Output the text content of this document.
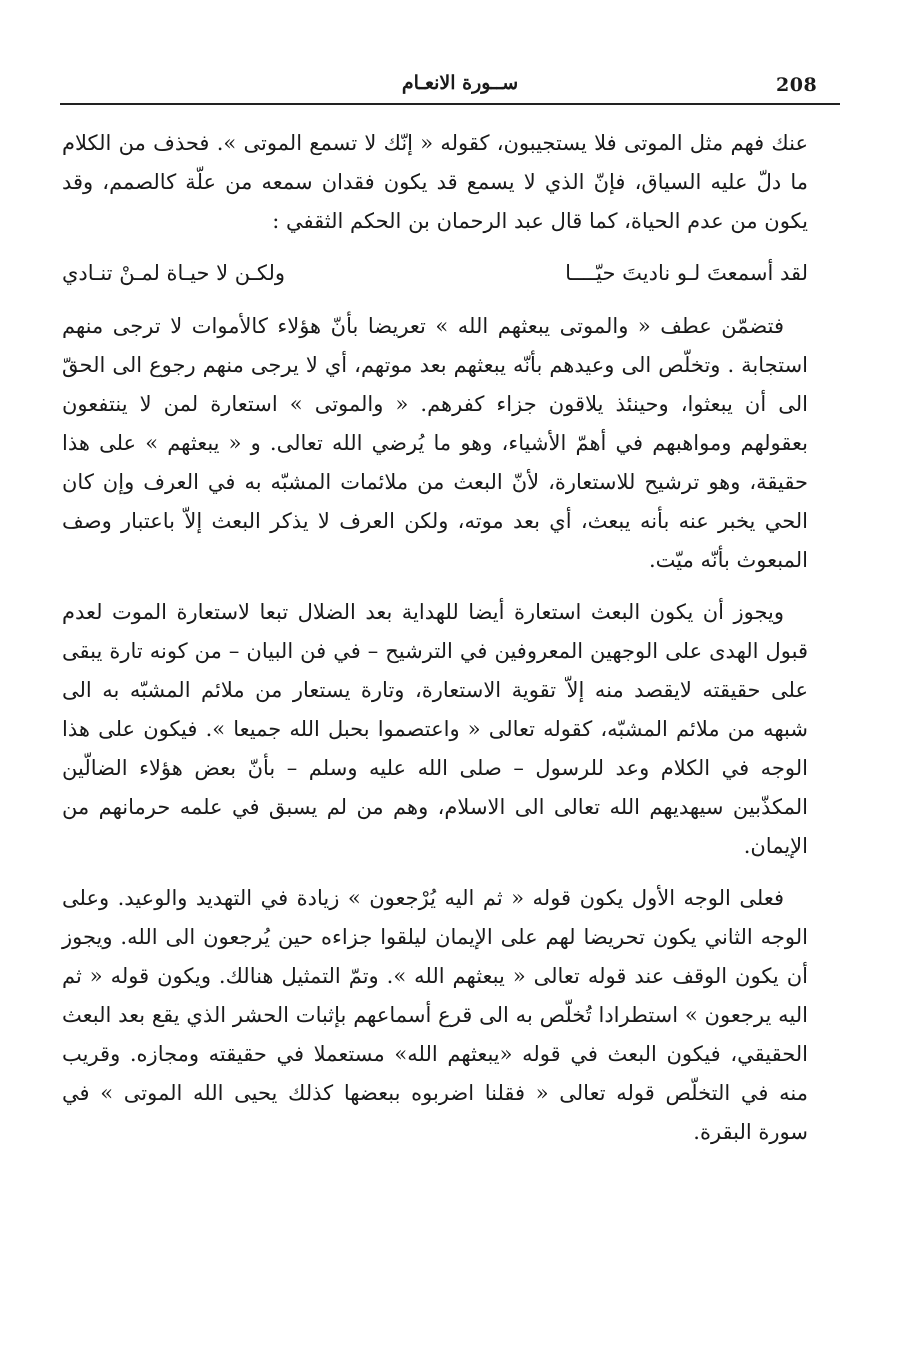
208
ســورة الانعـام

عنك فهم مثل الموتى فلا يستجيبون، كقوله « إنّك لا تسمع الموتى ». فحذف من الكلام ما دلّ عليه السياق، فإنّ الذي لا يسمع قد يكون فقدان سمعه من علّة كالصمم، وقد يكون من عدم الحياة، كما قال عبد الرحمان بن الحكم الثقفي :

لقد أسمعتَ لـو ناديتَ حيّــــا
ولكـن لا حيـاة لمـنْ تنـادي

فتضمّن عطف « والموتى يبعثهم الله » تعريضا بأنّ هؤلاء كالأموات لا ترجى منهم استجابة . وتخلّص الى وعيدهم بأنّه يبعثهم بعد موتهم، أي لا يرجى منهم رجوع الى الحقّ الى أن يبعثوا، وحينئذ يلاقون جزاء كفرهم. « والموتى » استعارة لمن لا ينتفعون بعقولهم ومواهبهم في أهمّ الأشياء، وهو ما يُرضي الله تعالى. و « يبعثهم » على هذا حقيقة، وهو ترشيح للاستعارة، لأنّ البعث من ملائمات المشبّه به في العرف وإن كان الحي يخبر عنه بأنه يبعث، أي بعد موته، ولكن العرف لا يذكر البعث إلاّ باعتبار وصف المبعوث بأنّه ميّت.

ويجوز أن يكون البعث استعارة أيضا للهداية بعد الضلال تبعا لاستعارة الموت لعدم قبول الهدى على الوجهين المعروفين في الترشيح – في فن البيان – من كونه تارة يبقى على حقيقته لايقصد منه إلاّ تقوية الاستعارة، وتارة يستعار من ملائم المشبّه به الى شبهه من ملائم المشبّه، كقوله تعالى « واعتصموا بحبل الله جميعا ». فيكون على هذا الوجه في الكلام وعد للرسول – صلى الله عليه وسلم – بأنّ بعض هؤلاء الضالّين المكذّبين سيهديهم الله تعالى الى الاسلام، وهم من لم يسبق في علمه حرمانهم من الإيمان.

فعلى الوجه الأول يكون قوله « ثم اليه يُرْجعون » زيادة في التهديد والوعيد. وعلى الوجه الثاني يكون تحريضا لهم على الإيمان ليلقوا جزاءه حين يُرجعون الى الله. ويجوز أن يكون الوقف عند قوله تعالى « يبعثهم الله ». وتمّ التمثيل هنالك. ويكون قوله « ثم اليه يرجعون » استطرادا تُخلّص به الى قرع أسماعهم بإثبات الحشر الذي يقع بعد البعث الحقيقي، فيكون البعث في قوله «يبعثهم الله» مستعملا في حقيقته ومجازه. وقريب منه في التخلّص قوله تعالى « فقلنا اضربوه ببعضها كذلك يحيى الله الموتى » في سورة البقرة.
